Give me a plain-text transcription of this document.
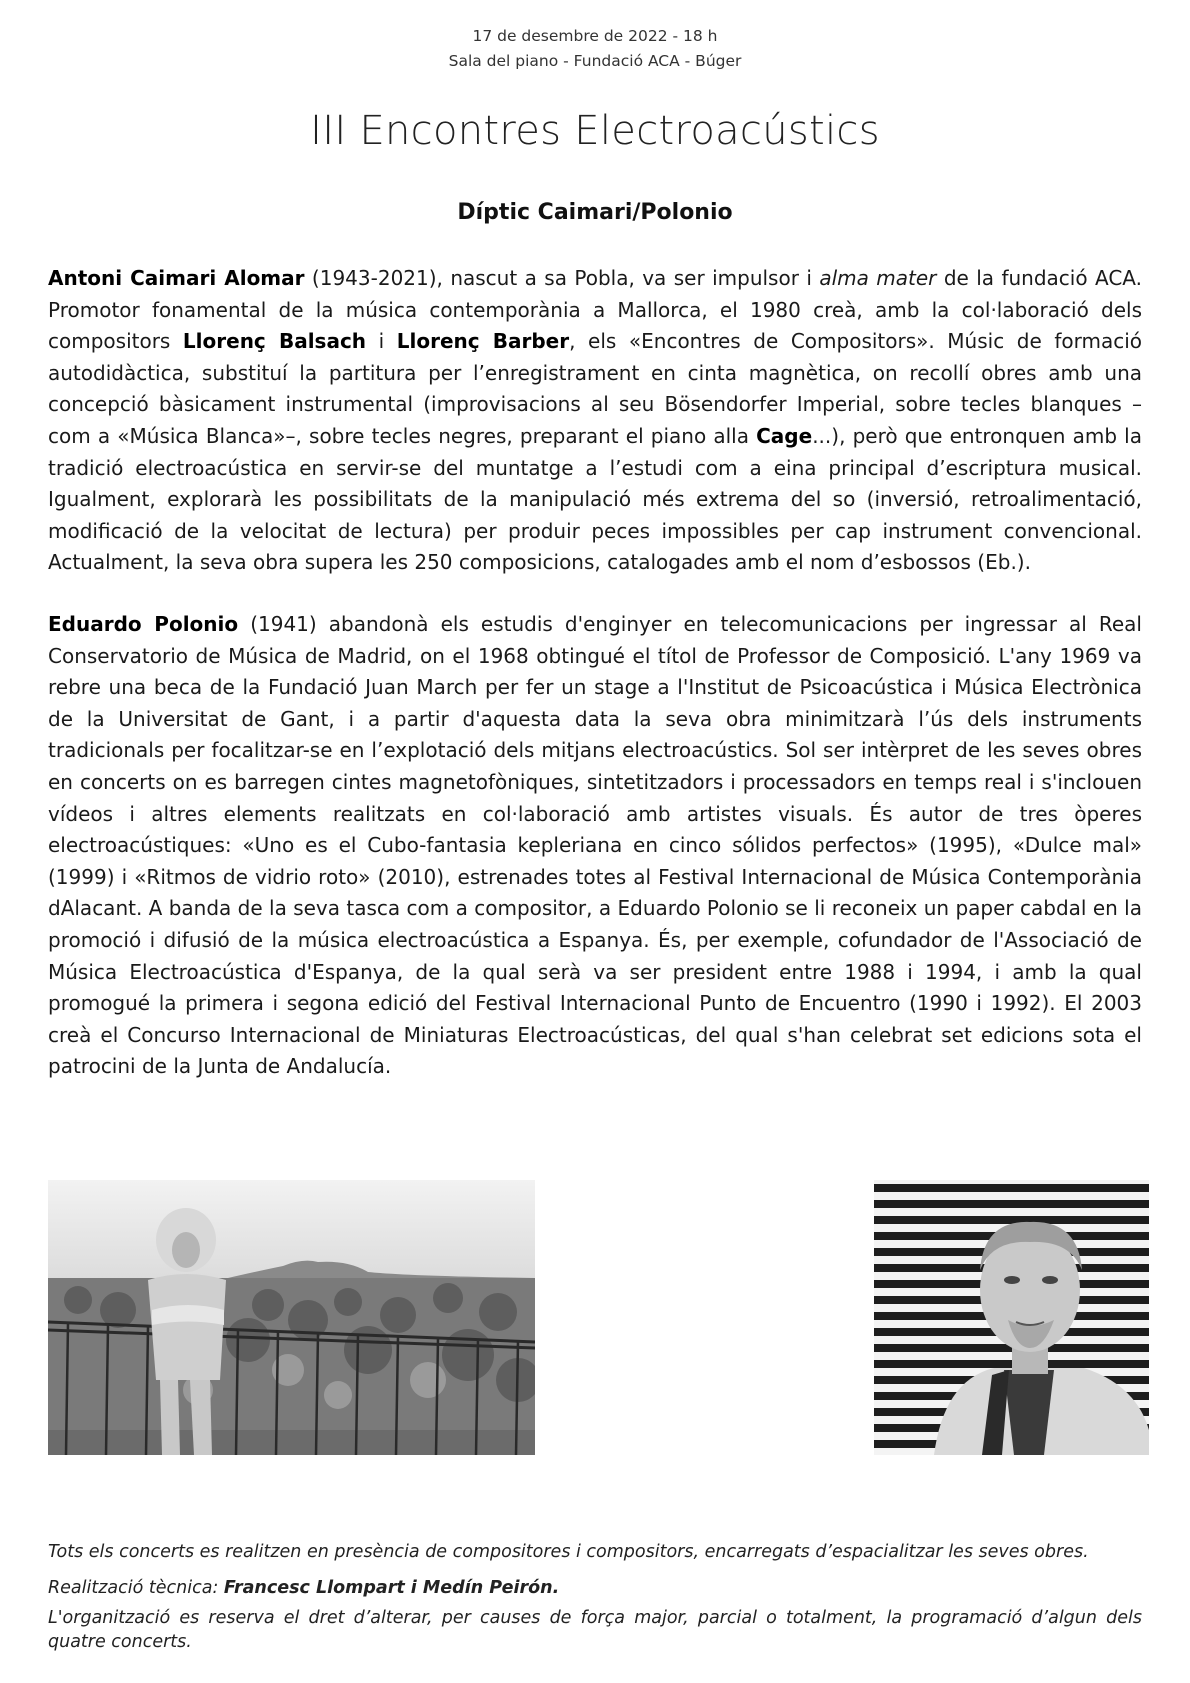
17 de desembre de 2022 - 18 h
Sala del piano - Fundació ACA - Búger
III Encontres Electroacústics
Díptic Caimari/Polonio

Antoni Caimari Alomar (1943-2021), nascut a sa Pobla, va ser impulsor i alma mater de la fundació ACA. Promotor fonamental de la música contemporània a Mallorca, el 1980 creà, amb la col·laboració dels compositors Llorenç Balsach i Llorenç Barber, els «Encontres de Compositors». Músic de formació autodidàctica, substituí la partitura per l’enregistrament en cinta magnètica, on recollí obres amb una concepció bàsicament instrumental (improvisacions al seu Bösendorfer Imperial, sobre tecles blanques – com a «Música Blanca»–, sobre tecles negres, preparant el piano alla Cage...), però que entronquen amb la tradició electroacústica en servir-se del muntatge a l’estudi com a eina principal d’escriptura musical. Igualment, explorarà les possibilitats de la manipulació més extrema del so (inversió, retroalimentació, modificació de la velocitat de lectura) per produir peces impossibles per cap instrument convencional. Actualment, la seva obra supera les 250 composicions, catalogades amb el nom d’esbossos (Eb.).

Eduardo Polonio (1941) abandonà els estudis d'enginyer en telecomunicacions per ingressar al Real Conservatorio de Música de Madrid, on el 1968 obtingué el títol de Professor de Composició. L'any 1969 va rebre una beca de la Fundació Juan March per fer un stage a l'Institut de Psicoacústica i Música Electrònica de la Universitat de Gant, i a partir d'aquesta data la seva obra minimitzarà l’ús dels instruments tradicionals per focalitzar-se en l’explotació dels mitjans electroacústics. Sol ser intèrpret de les seves obres en concerts on es barregen cintes magnetofòniques, sintetitzadors i processadors en temps real i s'inclouen vídeos i altres elements realitzats en col·laboració amb artistes visuals. És autor de tres òperes electroacústiques: «Uno es el Cubo-fantasia kepleriana en cinco sólidos perfectos» (1995), «Dulce mal» (1999) i «Ritmos de vidrio roto» (2010), estrenades totes al Festival Internacional de Música Contemporània dAlacant. A banda de la seva tasca com a compositor, a Eduardo Polonio se li reconeix un paper cabdal en la promoció i difusió de la música electroacústica a Espanya. És, per exemple, cofundador de l'Associació de Música Electroacústica d'Espanya, de la qual serà va ser president entre 1988 i 1994, i amb la qual promogué la primera i segona edició del Festival Internacional Punto de Encuentro (1990 i 1992). El 2003 creà el Concurso Internacional de Miniaturas Electroacústicas, del qual s'han celebrat set edicions sota el patrocini de la Junta de Andalucía.

Tots els concerts es realitzen en presència de compositores i compositors, encarregats d’espacialitzar les seves obres.

Realització tècnica: Francesc Llompart i Medín Peirón.

L'organització es reserva el dret d’alterar, per causes de força major, parcial o totalment, la programació d’algun dels quatre concerts.
